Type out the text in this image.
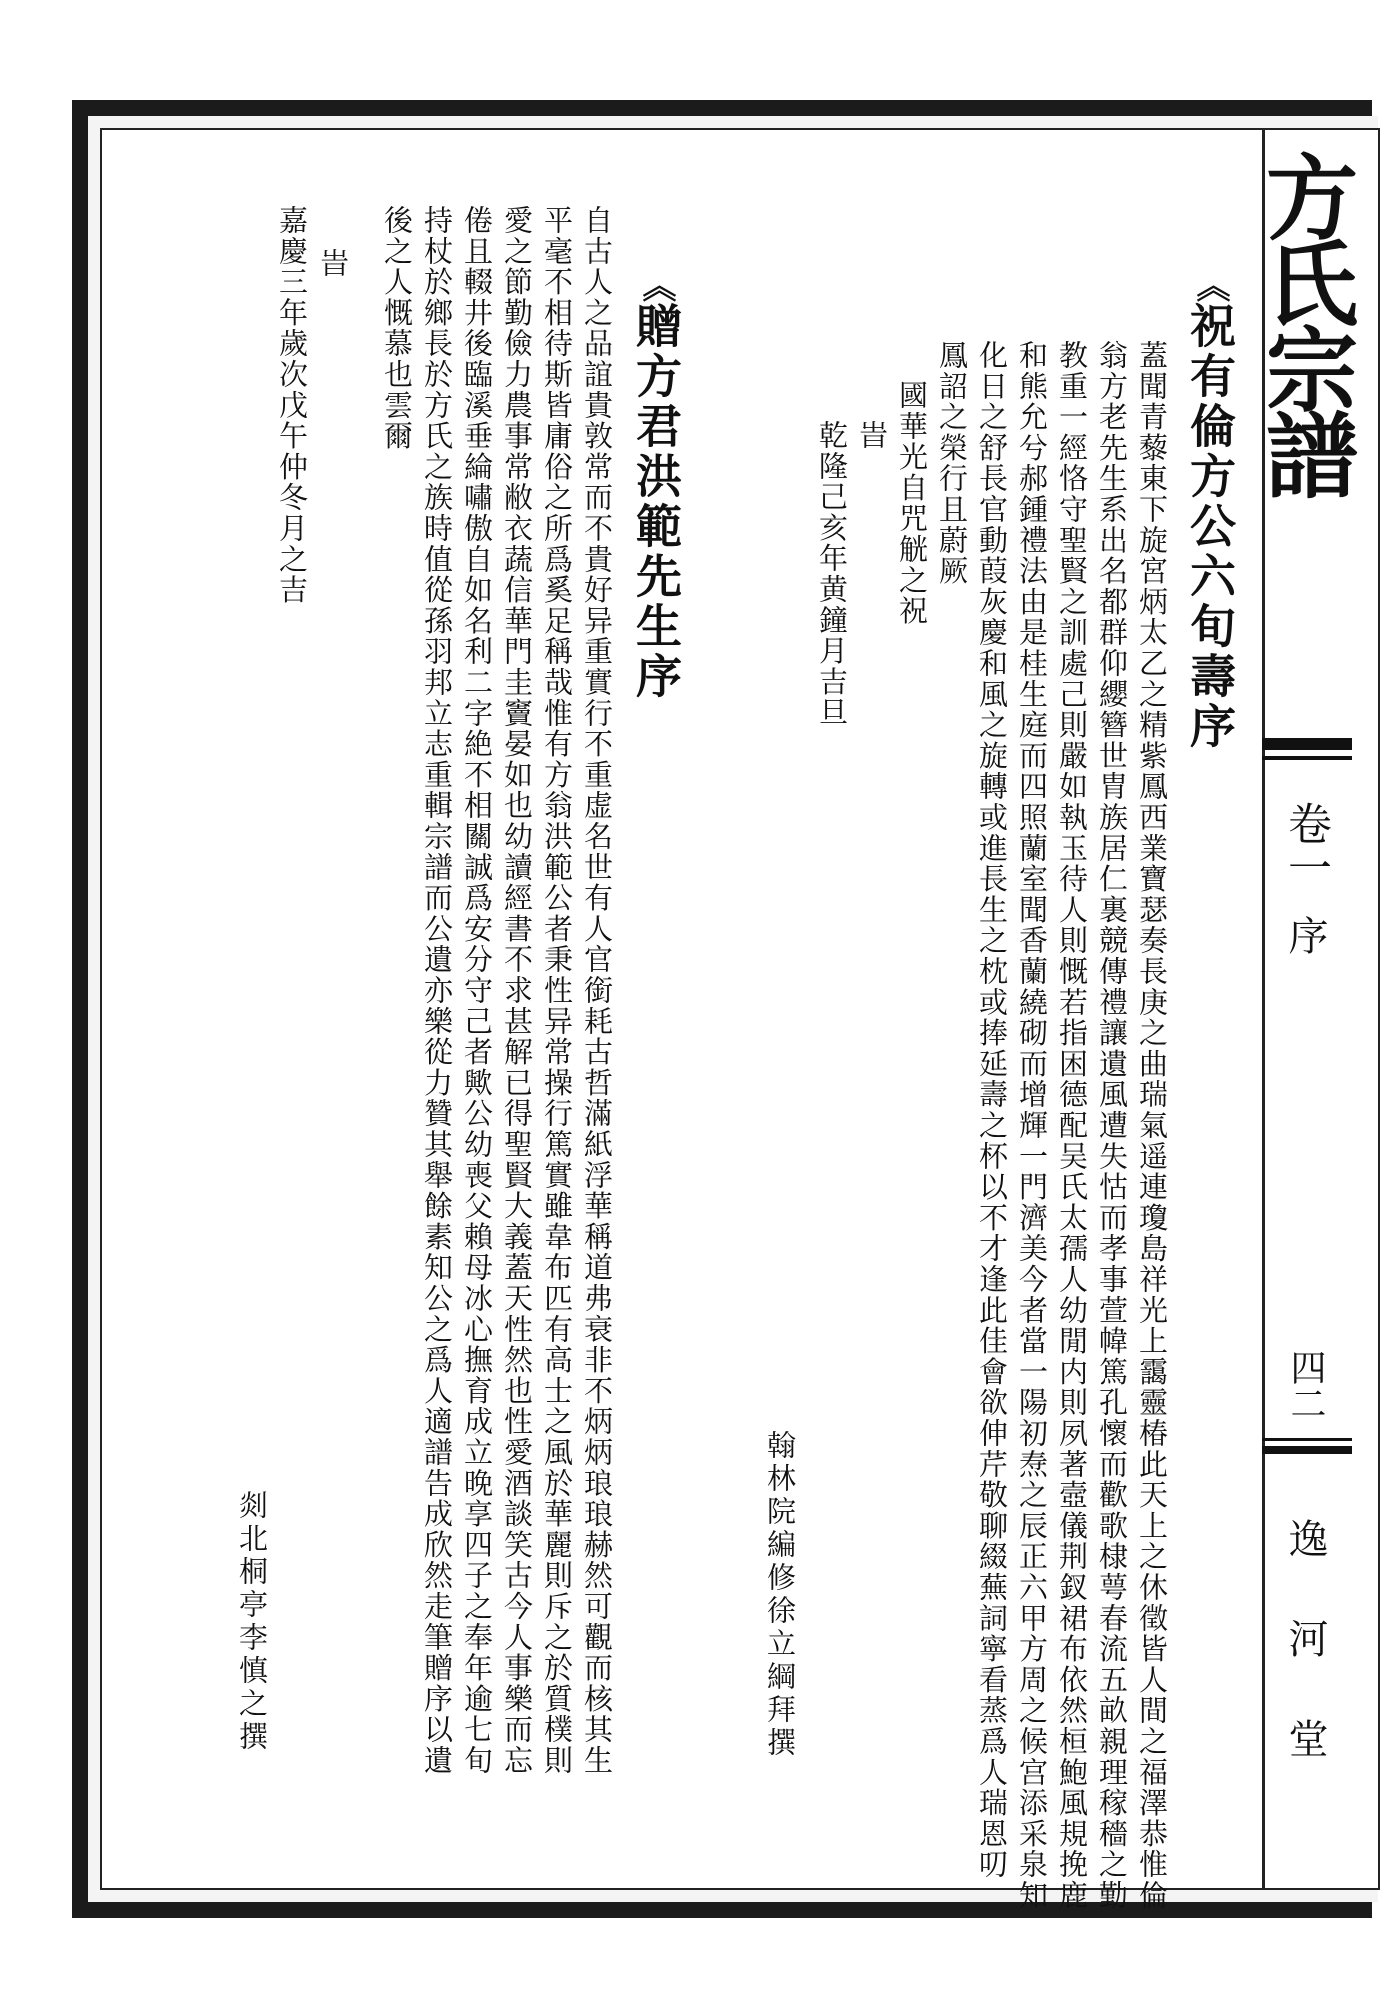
方氏宗譜
卷一
序
四二
逸河堂
《祝有倫方公六旬壽序
蓋聞青藜東下旋宮炳太乙之精紫鳳西業寶瑟奏長庚之曲瑞氣遥連瓊島祥光上靄靈椿此天上之休徵皆人間之福澤恭惟倫
翁方老先生系出名都群仰纓簪世胄族居仁裏競傳禮讓遺風遭失怙而孝事萱幃篤孔懷而歡歌棣萼春流五畝親理稼穡之勤
教重一經恪守聖賢之訓處己則嚴如執玉待人則慨若指困德配吴氏太孺人幼閒内則夙著壼儀荆釵裙布依然桓鮑風規挽鹿
和熊允兮郝鍾禮法由是桂生庭而四照蘭室聞香蘭繞砌而增輝一門濟美今者當一陽初焘之辰正六甲方周之候宫添采泉知
化日之舒長官動葭灰慶和風之旋轉或進長生之枕或捧延壽之杯以不才逢此佳會欲伸芹敬聊綴蕪詞寧看蒸爲人瑞恩叨
鳳詔之榮行且蔚厥
國華光自咒觥之祝
旹
乾隆己亥年黄鐘月吉旦
翰林院編修徐立綱拜撰
《贈方君洪範先生序
自古人之品誼貴敦常而不貴好异重實行不重虚名世有人官銜耗古哲滿紙浮華稱道弗衰非不炳炳琅琅赫然可觀而核其生
平毫不相待斯皆庸俗之所爲奚足稱哉惟有方翁洪範公者秉性异常操行篤實雖韋布匹有高士之風於華麗則斥之於質樸則
愛之節勤儉力農事常敝衣蔬信華門圭竇晏如也幼讀經書不求甚解已得聖賢大義蓋天性然也性愛酒談笑古今人事樂而忘
倦且輟井後臨溪垂綸嘯傲自如名利二字絶不相關誠爲安分守己者歟公幼喪父賴母冰心撫育成立晚享四子之奉年逾七旬
持杖於鄉長於方氏之族時值從孫羽邦立志重輯宗譜而公遺亦樂從力贊其舉餘素知公之爲人適譜告成欣然走筆贈序以遺
後之人慨慕也雲爾
旹
嘉慶三年歲次戊午仲冬月之吉
剡北桐亭李慎之撰
